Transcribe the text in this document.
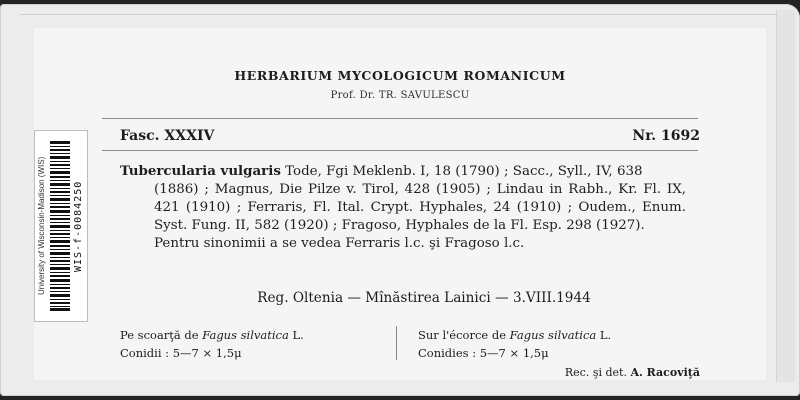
HERBARIUM MYCOLOGICUM ROMANICUM
Prof. Dr. TR. SAVULESCU
Fasc. XXXIV	Nr. 1692
Tubercularia vulgaris Tode, Fgi Meklenb. I, 18 (1790) ; Sacc., Syll., IV, 638
(1886) ; Magnus, Die Pilze v. Tirol, 428 (1905) ; Lindau in Rabh., Kr. Fl. IX, 421 (1910) ; Ferraris, Fl. Ital. Crypt. Hyphales, 24 (1910) ; Oudem., Enum. Syst. Fung. II, 582 (1920) ; Fragoso, Hyphales de la Fl. Esp. 298 (1927).
Pentru sinonimii a se vedea Ferraris l.c. şi Fragoso l.c.
Reg. Oltenia — Mînăstirea Lainici — 3.VIII.1944
Pe scoarţă de Fagus silvatica L.
Conidii : 5—7 × 1,5μ
Sur l'écorce de Fagus silvatica L.
Conidies : 5—7 × 1,5μ
Rec. şi det. A. Racoviţă
University of Wisconsin-Madison (WIS)	WIS-f-0084250
